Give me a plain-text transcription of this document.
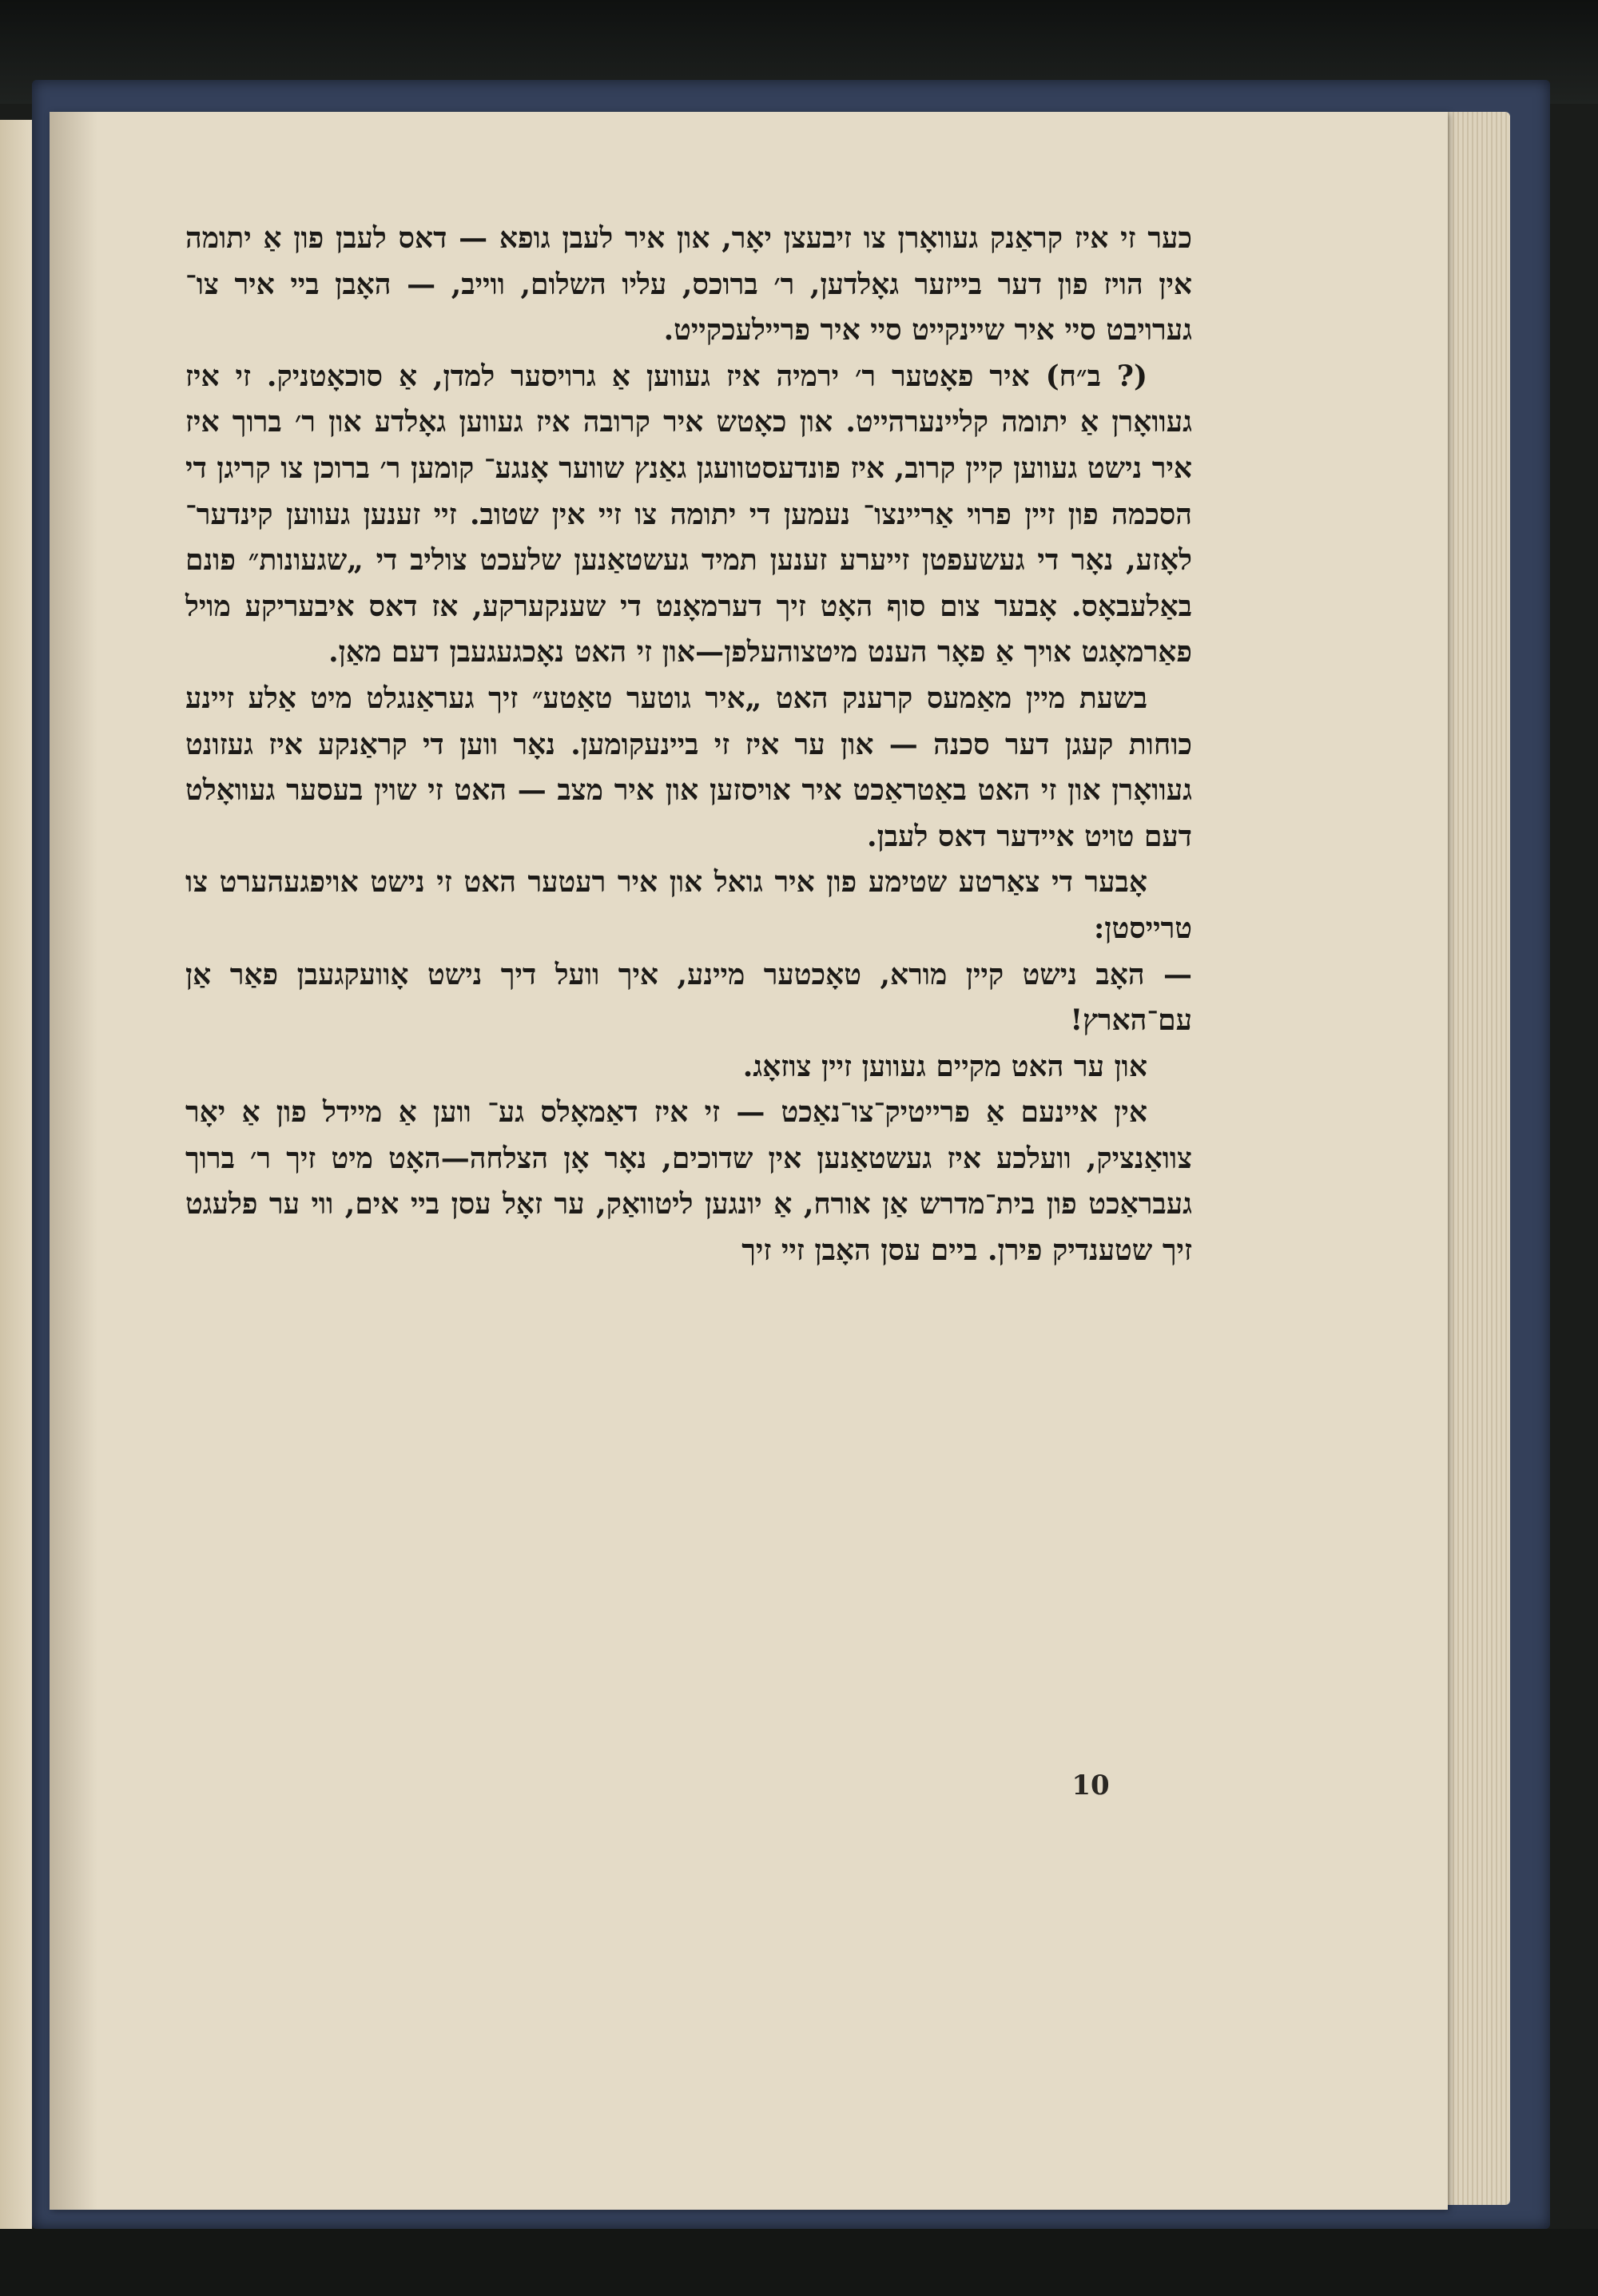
כער זי איז קראַנק געוואָרן צו זיבעצן יאָר, און איר לעבן גופא — דאס לעבן פון אַ יתומה אין הויז פון דער בייזער גאָלדען, ר׳ ברוכס, עליו השלום, ווייב, — האָבן ביי איר צו־ גערויבט סיי איר שיינקייט סיי איר פריילעכקייט.

(? ב״ח) איר פאָטער ר׳ ירמיה איז געווען אַ גרויסער למדן, אַ סוכאָטניק. זי איז געוואָרן אַ יתומה קליינערהייט. און כאָטש איר קרובה איז געווען גאָלדע און ר׳ ברוך איז איר נישט געווען קיין קרוב, איז פונדעסטוועגן גאַנץ שווער אָנגע־ קומען ר׳ ברוכן צו קריגן די הסכמה פון זיין פרוי אַריינצו־ נעמען די יתומה צו זיי אין שטוב. זיי זענען געווען קינדער־ לאָזע, נאָר די געשעפטן זייערע זענען תמיד געשטאַנען שלעכט צוליב די „שגעונות״ פונם באַלעבאָס. אָבער צום סוף האָט זיך דערמאָנט די שענקערקע, אז דאס איבעריקע מויל פאַרמאָגט אויך אַ פאָר הענט מיטצוהעלפן—און זי האט נאָכגעגעבן דעם מאַן.

בשעת מיין מאַמעס קרענק האט „איר גוטער טאַטע״ זיך געראַנגלט מיט אַלע זיינע כוחות קעגן דער סכנה — און ער איז זי ביינעקומען. נאָר ווען די קראַנקע איז געזונט געוואָרן און זי האט באַטראַכט איר אויסזען און איר מצב — האט זי שוין בעסער געוואָלט דעם טויט איידער דאס לעבן.

אָבער די צאַרטע שטימע פון איר גואל און איר רעטער האט זי נישט אויפגעהערט צו טרייסטן:

— האָב נישט קיין מורא, טאָכטער מיינע, איך וועל דיך נישט אָוועקגעבן פאַר אַן עם־הארץ!

און ער האט מקיים געווען זיין צוזאָג.

אין איינעם אַ פרייטיק־צו־נאַכט — זי איז דאַמאָלס גע־ ווען אַ מיידל פון אַ יאָר צוואַנציק, וועלכע איז געשטאַנען אין שדוכים, נאָר אָן הצלחה—האָט מיט זיך ר׳ ברוך געבראַכט פון בית־מדרש אַן אורח, אַ יונגען ליטוואַק, ער זאָל עסן ביי אים, ווי ער פלעגט זיך שטענדיק פירן. ביים עסן האָבן זיי זיך

10
